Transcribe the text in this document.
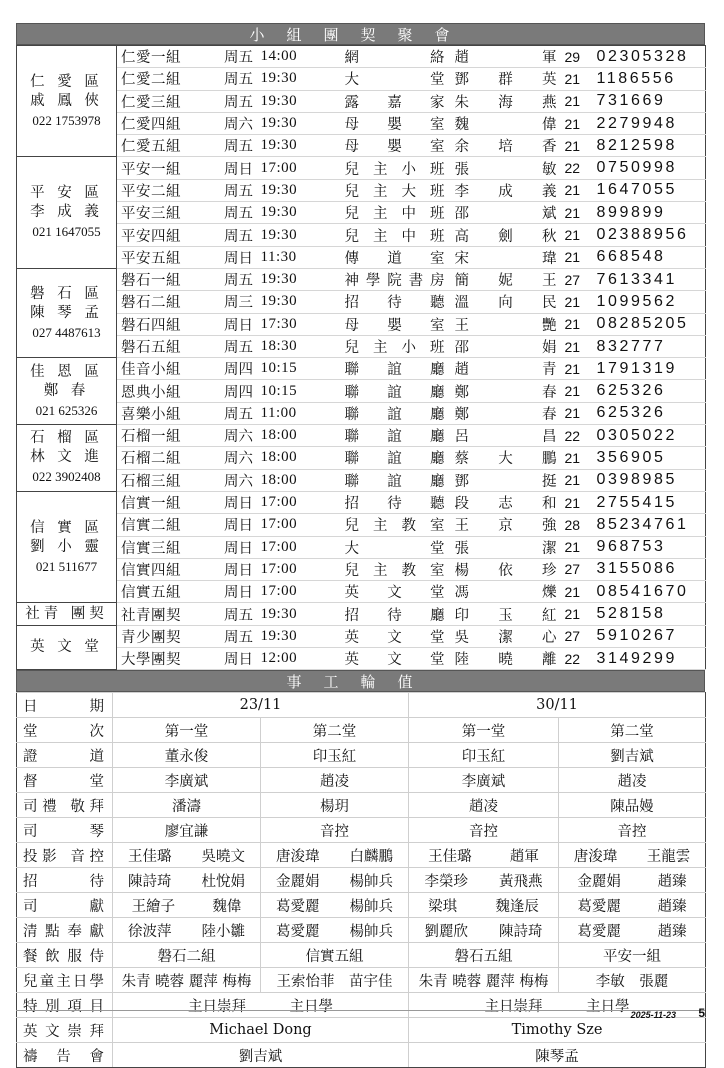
小組團契聚會
仁 愛 區
戚 鳳 俠
022 1753978	仁愛一組	周五	14:00	網絡	趙軍	29	02305328
	仁愛二組	周五	19:30	大堂	鄧群英	21	1186556
	仁愛三組	周五	19:30	露嘉家	朱海燕	21	731669
	仁愛四組	周六	19:30	母嬰室	魏偉	21	2279948
	仁愛五組	周五	19:30	母嬰室	余培香	21	8212598

平 安 區
李 成 義
021 1647055	平安一組	周日	17:00	兒主小班	張敏	22	0750998
	平安二組	周五	19:30	兒主大班	李成義	21	1647055
	平安三組	周五	19:30	兒主中班	邵斌	21	899899
	平安四組	周五	19:30	兒主中班	高劍秋	21	02388956
	平安五組	周日	11:30	傳道室	宋瑋	21	668548

磐 石 區
陳 琴 孟
027 4487613	磐石一組	周五	19:30	神學院書房	簡妮王	27	7613341
	磐石二組	周三	19:30	招待聽	溫向民	21	1099562
	磐石四組	周日	17:30	母嬰室	王艷	21	08285205
	磐石五組	周五	18:30	兒主小班	邵娟	21	832777

佳 恩 區
鄭 春
021 625326	佳音小組	周四	10:15	聯誼廳	趙青	21	1791319
	恩典小組	周四	10:15	聯誼廳	鄭春	21	625326
	喜樂小組	周五	11:00	聯誼廳	鄭春	21	625326

石 榴 區
林 文 進
022 3902408	石榴一組	周六	18:00	聯誼廳	呂昌	22	0305022
	石榴二組	周六	18:00	聯誼廳	蔡大鵬	21	356905
	石榴三組	周六	18:00	聯誼廳	鄧挺	21	0398985

信 實 區
劉 小 靈
021 511677	信實一組	周日	17:00	招待聽	段志和	21	2755415
	信實二組	周日	17:00	兒主教室	王京強	28	85234761
	信實三組	周日	17:00	大堂	張潔	21	968753
	信實四組	周日	17:00	兒主教室	楊依珍	27	3155086
	信實五組	周日	17:00	英文堂	馮爍	21	08541670

社青 團契	社青團契	周五	19:30	招待廳	印玉紅	21	528158

英 文 堂	青少團契	周五	19:30	英文堂	吳潔心	27	5910267
	大學團契	周日	12:00	英文堂	陸曉離	22	3149299
事工輪值
日期	23/11		30/11	
堂次	第一堂	第二堂	第一堂	第二堂
證道	董永俊	印玉紅	印玉紅	劉吉斌
督堂	李廣斌	趙凌	李廣斌	趙凌
司禮 敬拜	潘濤	楊玥	趙凌	陳品嫚
司琴	廖宜謙	音控	音控	音控
投影 音控	王佳璐 吳曉文	唐浚瑋 白麟鵬	王佳璐 趙軍	唐浚瑋 王龍雲

招待	陳詩琦 杜悅娟	金麗娟 楊帥兵	李榮珍 黃飛燕	金麗娟 趙臻

司獻	王繪子 魏偉	葛愛麗 楊帥兵	梁琪 魏逢辰	葛愛麗 趙臻

清點奉獻	徐波萍 陸小雛	葛愛麗 楊帥兵	劉麗欣 陳詩琦	葛愛麗 趙臻

餐飲服侍	磐石二組	信實五組	磐石五組	平安一組
兒童主日學	朱青 曉蓉 麗萍 梅梅	王索怡菲　苗宇佳	朱青 曉蓉 麗萍 梅梅	李敏　張麗
特別項目	主日崇拜　　　主日學		主日崇拜　　　主日學	
英文崇拜	Michael Dong		Timothy Sze	
禱告會	劉吉斌		陳琴孟	
2025-11-23 5
